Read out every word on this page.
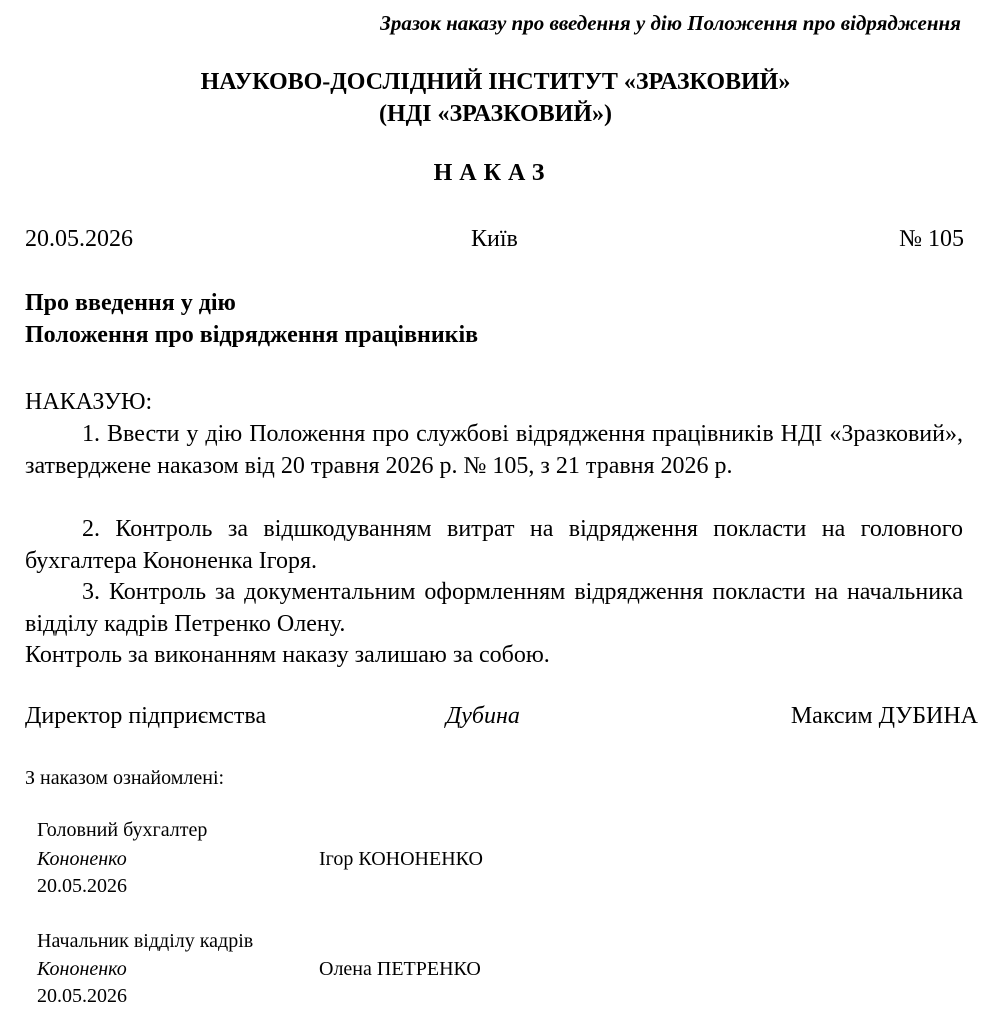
Зразок наказу про введення у дію Положення про відрядження
НАУКОВО-ДОСЛІДНИЙ ІНСТИТУТ «ЗРАЗКОВИЙ»
(НДІ «ЗРАЗКОВИЙ»)
НАКАЗ
20.05.2026	Київ	№ 105
Про введення у дію
Положення про відрядження працівників
НАКАЗУЮ:

1. Ввести у дію Положення про службові відрядження працівників НДІ «Зразковий», затверджене наказом від 20 травня 2026 р. № 105, з 21 травня 2026 р.

2. Контроль за відшкодуванням витрат на відрядження покласти на головного бухгалтера Кононенка Ігоря.

3. Контроль за документальним оформленням відрядження покласти на начальника відділу кадрів Петренко Олену.

Контроль за виконанням наказу залишаю за собою.
Директор підприємства	Дубина	Максим ДУБИНА
З наказом ознайомлені:
Головний бухгалтер
Кононенко	Ігор КОНОНЕНКО
20.05.2026
Начальник відділу кадрів
Кононенко	Олена ПЕТРЕНКО
20.05.2026
